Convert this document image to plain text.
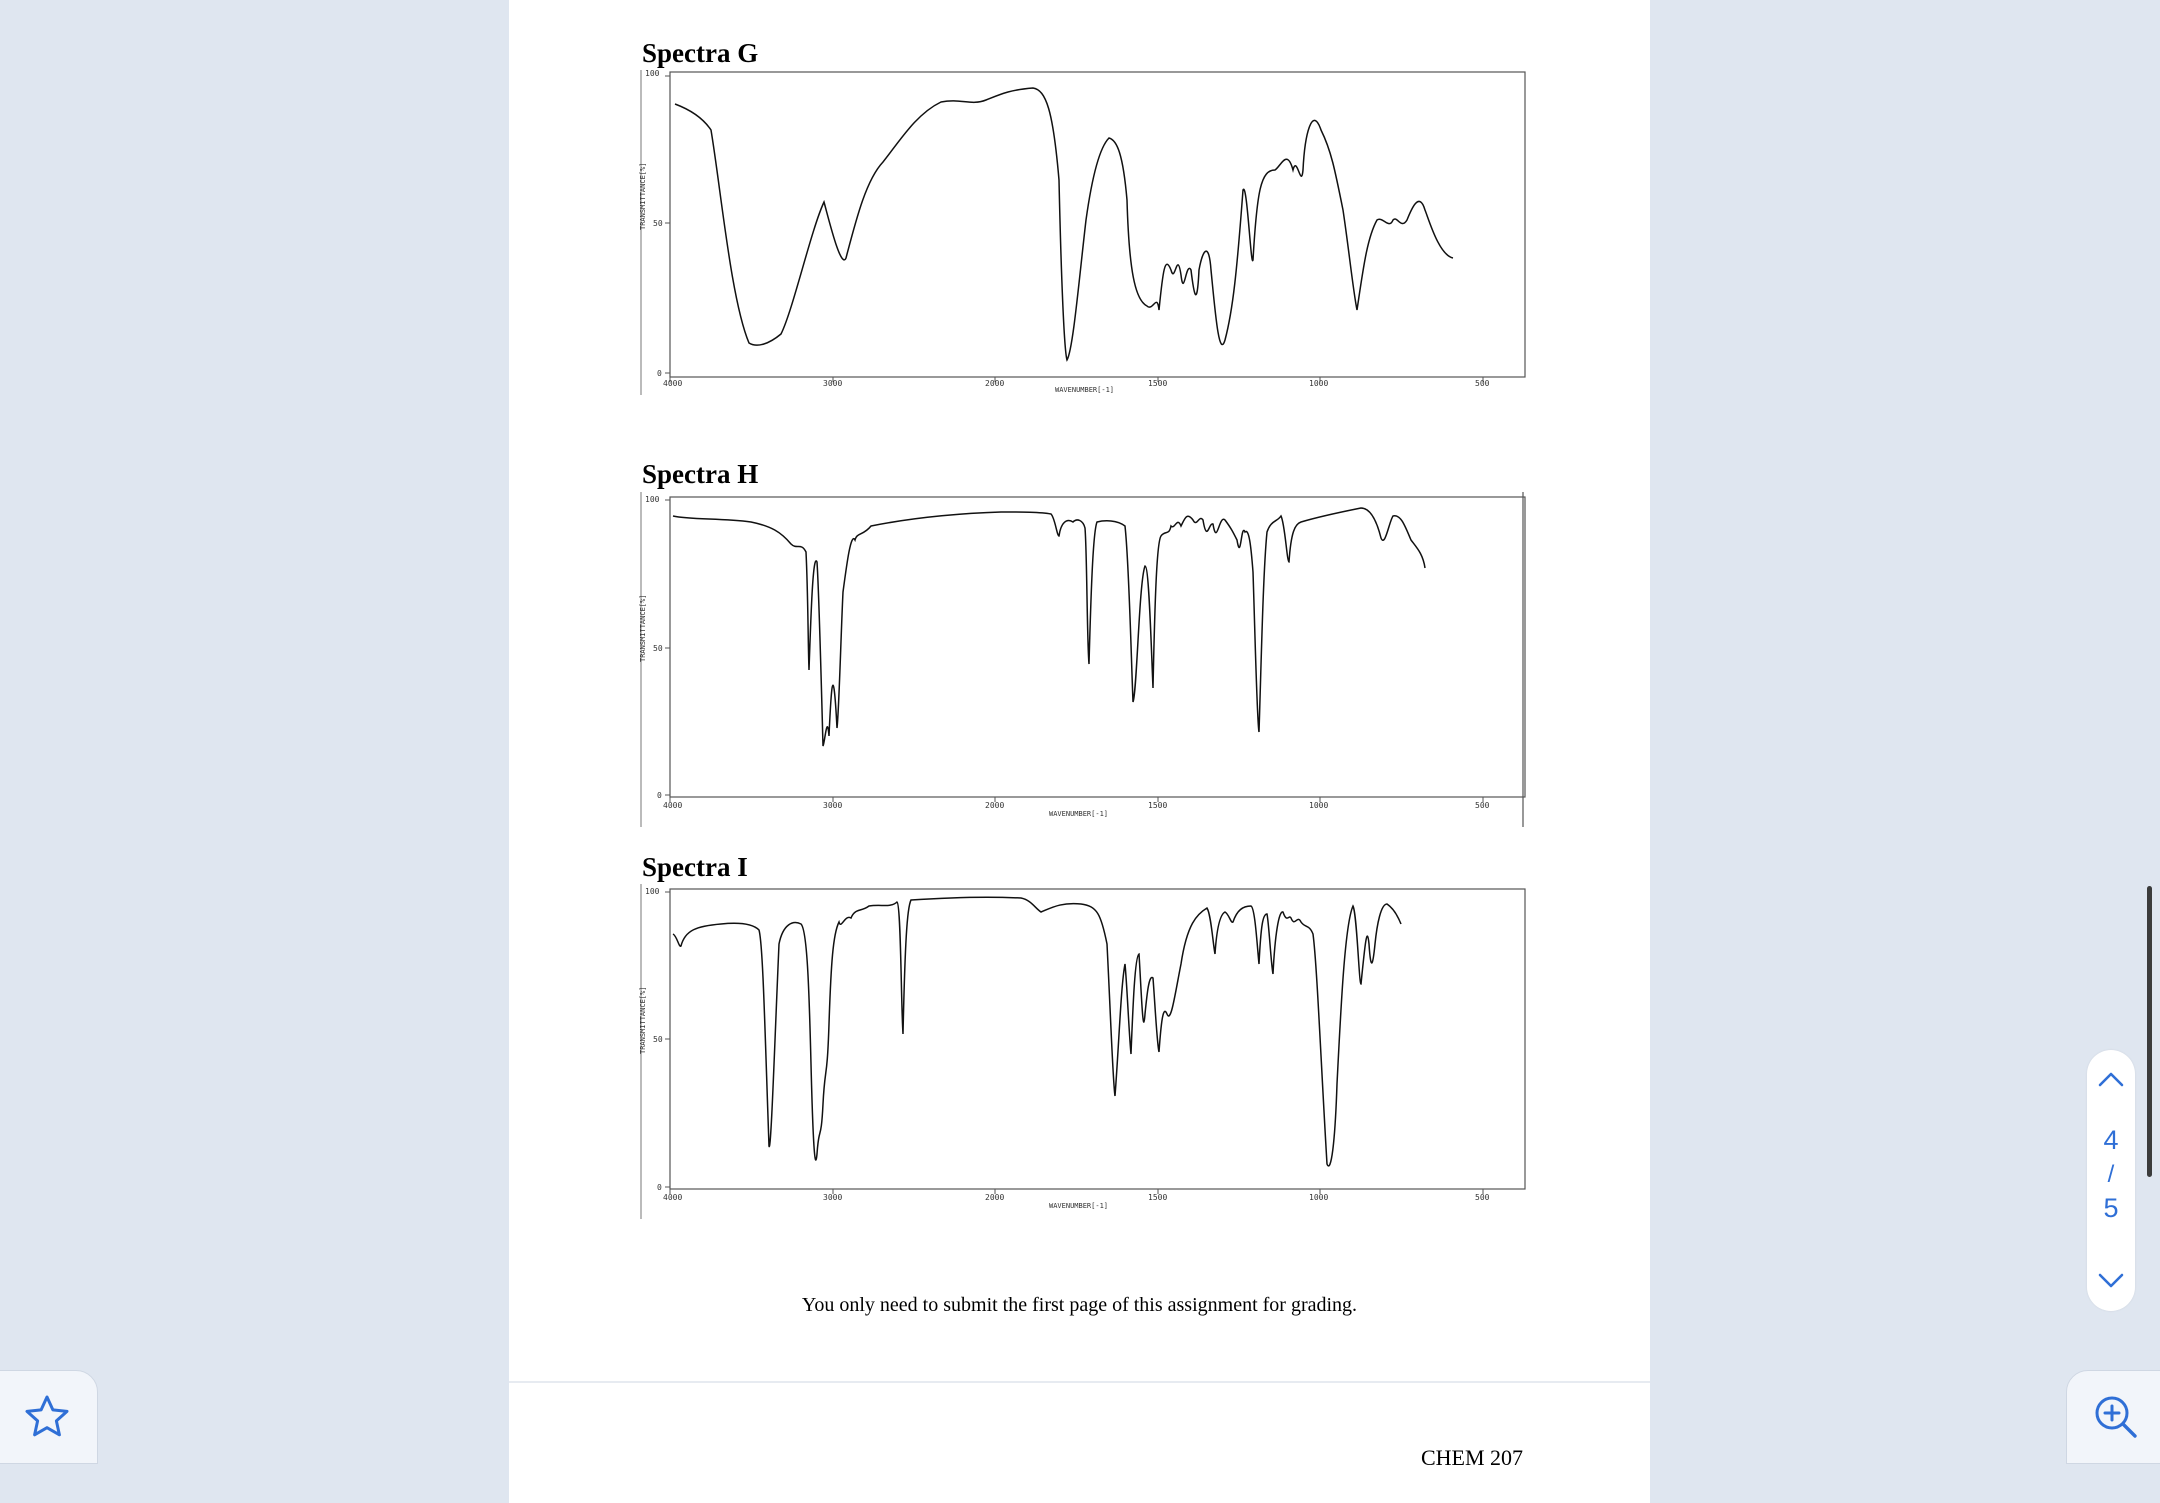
Spectra G
100
50
0
TRANSMITTANCE[%]
4000	3000	2000	1500	1000	500
WAVENUMBER[-1]
Spectra H
100
50
0
TRANSMITTANCE[%]
4000	3000	2000	1500	1000	500
WAVENUMBER[-1]
Spectra I
100
50
0
TRANSMITTANCE[%]
4000	3000	2000	1500	1000	500
WAVENUMBER[-1]

You only need to submit the first page of this assignment for grading.

CHEM 207
4
/
5
